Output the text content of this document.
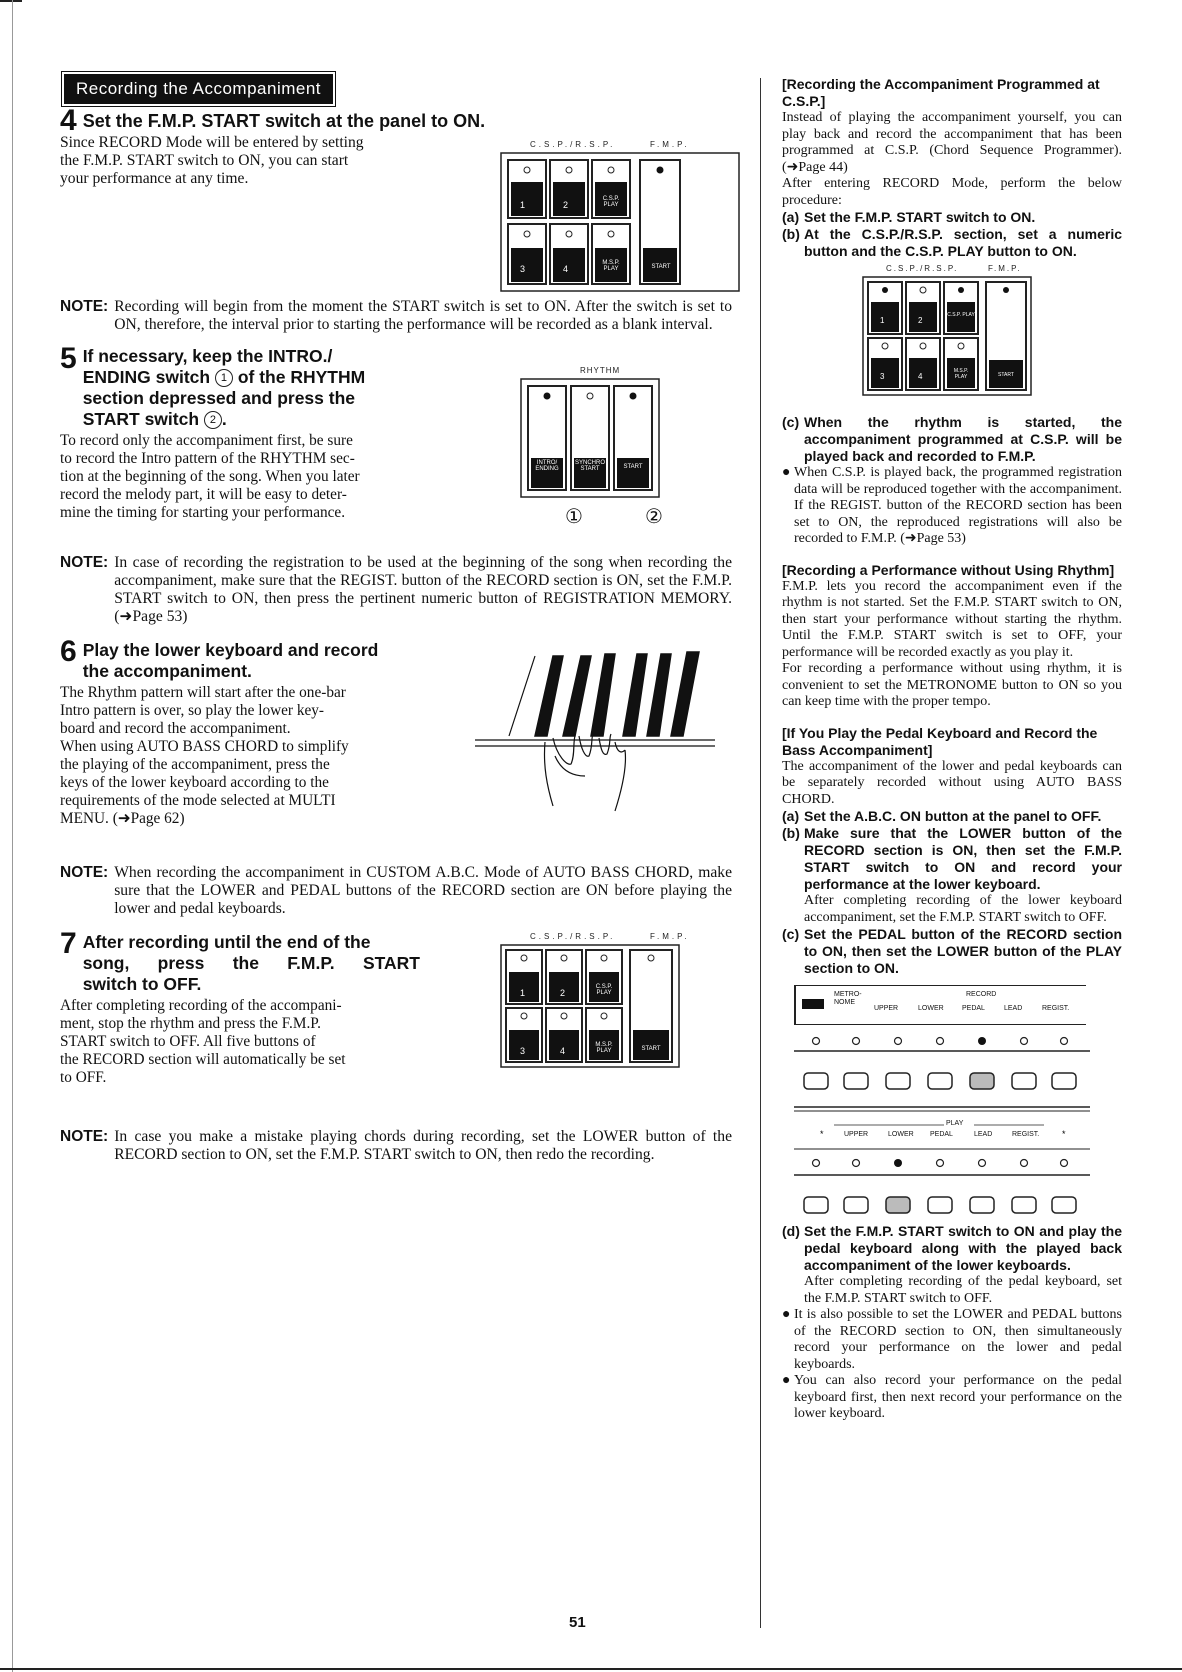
Recording the Accompaniment
4 Set the F.M.P. START switch at the panel to ON.
Since RECORD Mode will be entered by setting
the F.M.P. START switch to ON, you can start
your performance at any time.
C.S.P./R.S.P.	F.M.P.
1	2
C.S.P. PLAY
3	4
M.S.P. PLAY	START
NOTE: Recording will begin from the moment the START switch is set to ON. After the switch is set to ON, therefore, the interval prior to starting the performance will be recorded as a blank interval.
5 If necessary, keep the INTRO./
ENDING switch 1 of the RHYTHM
section depressed and press the
START switch 2 .
To record only the accompaniment first, be sure
to record the Intro pattern of the RHYTHM sec-
tion at the beginning of the song. When you later
record the melody part, it will be easy to deter-
mine the timing for starting your performance.
RHYTHM
INTRO/ ENDING
SYNCHRO START	START
①	②
NOTE: In case of recording the registration to be used at the beginning of the song when recording the accompaniment, make sure that the REGIST. button of the RECORD section is ON, set the F.M.P. START switch to ON, then press the pertinent numeric button of REGISTRATION MEMORY. (➜Page 53)
6 Play the lower keyboard and record
the accompaniment.
The Rhythm pattern will start after the one-bar
Intro pattern is over, so play the lower key-
board and record the accompaniment.
When using AUTO BASS CHORD to simplify
the playing of the accompaniment, press the
keys of the lower keyboard according to the
requirements of the mode selected at MULTI
MENU. (➜Page 62)
NOTE: When recording the accompaniment in CUSTOM A.B.C. Mode of AUTO BASS CHORD, make sure that the LOWER and PEDAL buttons of the RECORD section are ON before playing the lower and pedal keyboards.
7 After recording until the end of the
song, press the F.M.P. START
switch to OFF.
After completing recording of the accompani-
ment, stop the rhythm and press the F.M.P.
START switch to OFF. All five buttons of
the RECORD section will automatically be set
to OFF.
C.S.P./R.S.P.	F.M.P.
1	2
C.S.P. PLAY
3	4
M.S.P. PLAY	START
NOTE: In case you make a mistake playing chords during recording, set the LOWER button of the RECORD section to ON, set the F.M.P. START switch to ON, then redo the recording.
[Recording the Accompaniment Programmed at C.S.P.]
Instead of playing the accompaniment yourself, you can play back and record the accompaniment that has been programmed at C.S.P. (Chord Sequence Programmer). (➜Page 44)
After entering RECORD Mode, perform the below procedure:
(a) Set the F.M.P. START switch to ON.
(b) At the C.S.P./R.S.P. section, set a numeric button and the C.S.P. PLAY button to ON.
C.S.P./R.S.P.	F.M.P.
1	2
C.S.P. PLAY
3	4
M.S.P. PLAY	START
(c) When the rhythm is started, the accompaniment programmed at C.S.P. will be played back and recorded to F.M.P.
● When C.S.P. is played back, the programmed registration data will be reproduced together with the accompaniment. If the REGIST. button of the RECORD section has been set to ON, the reproduced registrations will also be recorded to F.M.P. (➜Page 53)
[Recording a Performance without Using Rhythm]
F.M.P. lets you record the accompaniment even if the rhythm is not started. Set the F.M.P. START switch to ON, then start your performance without starting the rhythm. Until the F.M.P. START switch is set to OFF, your performance will be recorded exactly as you play it.
For recording a performance without using rhythm, it is convenient to set the METRONOME button to ON so you can keep time with the proper tempo.
[If You Play the Pedal Keyboard and Record the Bass Accompaniment]
The accompaniment of the lower and pedal keyboards can be separately recorded without using AUTO BASS CHORD.
(a) Set the A.B.C. ON button at the panel to OFF.
(b) Make sure that the LOWER button of the RECORD section is ON, then set the F.M.P. START switch to ON and record your performance at the lower keyboard.
After completing recording of the lower keyboard accompaniment, set the F.M.P. START switch to OFF.
(c) Set the PEDAL button of the RECORD section to ON, then set the LOWER button of the PLAY section to ON.
METRO- NOME
RECORD
UPPER	LOWER	PEDAL	LEAD	REGIST.
*	*
PLAY
UPPER	LOWER PEDAL	LEAD	REGIST.
(d) Set the F.M.P. START switch to ON and play the pedal keyboard along with the played back accompaniment of the lower keyboards.
After completing recording of the pedal keyboard, set the F.M.P. START switch to OFF.
● It is also possible to set the LOWER and PEDAL buttons of the RECORD section to ON, then simultaneously record your performance on the lower and pedal keyboards.
● You can also record your performance on the pedal keyboard first, then next record your performance on the lower keyboard.
51
